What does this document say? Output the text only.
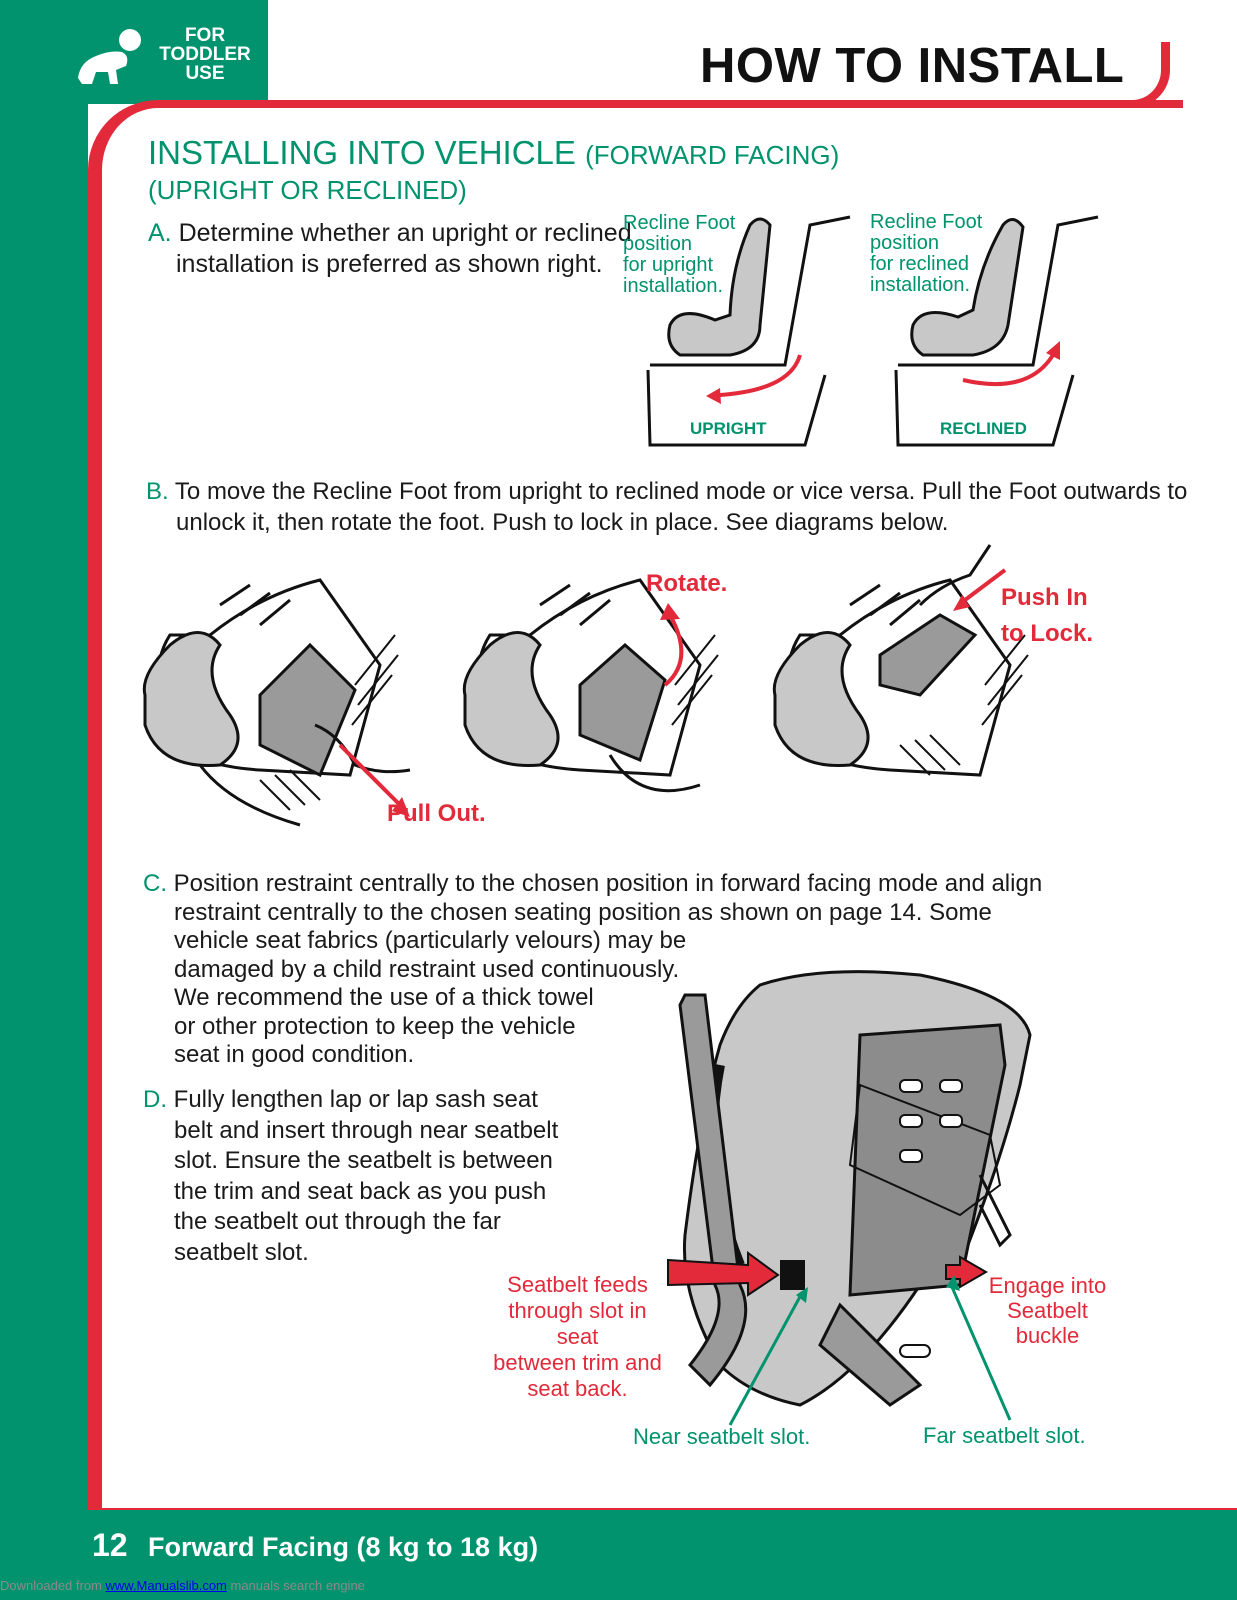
FOR
TODDLER
USE	HOW TO INSTALL
INSTALLING INTO VEHICLE (FORWARD FACING)
(UPRIGHT OR RECLINED)
A. Determine whether an upright or reclined
installation is preferred as shown right.
Recline Foot
position
for upright
installation.
UPRIGHT
Recline Foot
position
for reclined
installation.
RECLINED
B. To move the Recline Foot from upright to reclined mode or vice versa. Pull the Foot outwards to
unlock it, then rotate the foot. Push to lock in place. See diagrams below.
Pull Out.
Rotate.
Push In
to Lock.
C. Position restraint centrally to the chosen position in forward facing mode and align
restraint centrally to the chosen seating position as shown on page 14. Some
vehicle seat fabrics (particularly velours) may be
damaged by a child restraint used continuously.
We recommend the use of a thick towel
or other protection to keep the vehicle
seat in good condition.
D. Fully lengthen lap or lap sash seat
belt and insert through near seatbelt
slot. Ensure the seatbelt is between
the trim and seat back as you push
the seatbelt out through the far
seatbelt slot.
Seatbelt feeds
through slot in seat
between trim and
seat back.
Engage into
Seatbelt
buckle
Near seatbelt slot.	Far seatbelt slot.
12 Forward Facing (8 kg to 18 kg)
Downloaded from www.Manualslib.com manuals search engine
